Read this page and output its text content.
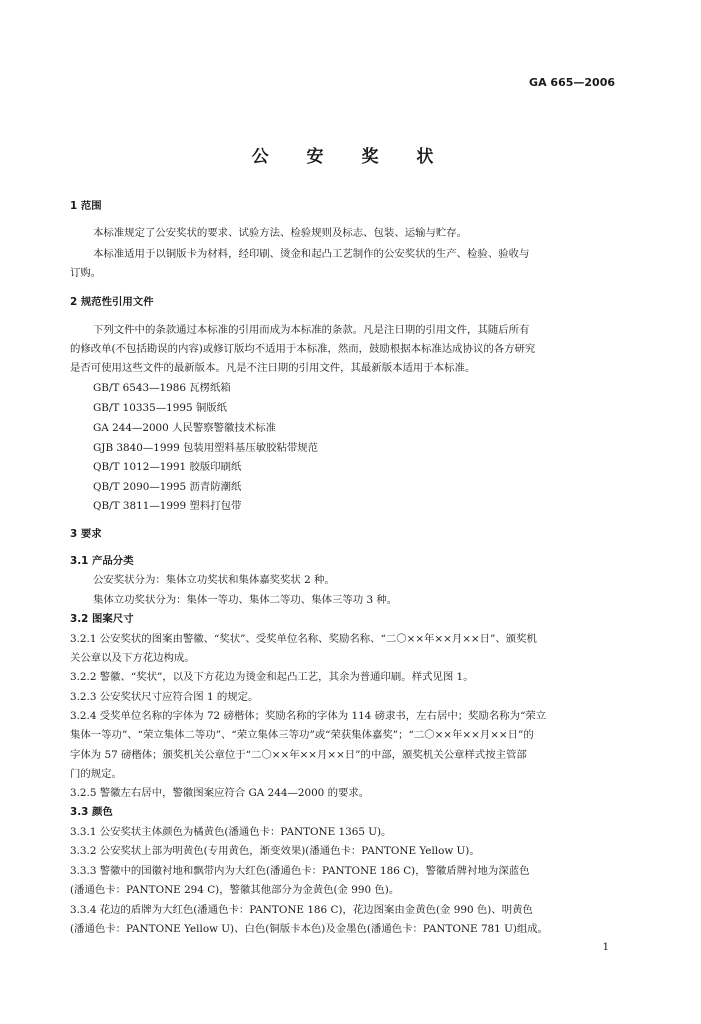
GA 665—2006
公 安 奖 状
1 范围
本标准规定了公安奖状的要求、试验方法、检验规则及标志、包装、运输与贮存。
本标准适用于以铜版卡为材料，经印刷、烫金和起凸工艺制作的公安奖状的生产、检验、验收与
订购。
2 规范性引用文件
下列文件中的条款通过本标准的引用而成为本标准的条款。凡是注日期的引用文件，其随后所有
的修改单(不包括勘误的内容)或修订版均不适用于本标准，然而，鼓励根据本标准达成协议的各方研究
是否可使用这些文件的最新版本。凡是不注日期的引用文件，其最新版本适用于本标准。
GB/T 6543—1986 瓦楞纸箱
GB/T 10335—1995 铜版纸
GA 244—2000 人民警察警徽技术标准
GJB 3840—1999 包装用塑料基压敏胶粘带规范
QB/T 1012—1991 胶版印刷纸
QB/T 2090—1995 沥青防潮纸
QB/T 3811—1999 塑料打包带
3 要求
3.1 产品分类
公安奖状分为：集体立功奖状和集体嘉奖奖状 2 种。
集体立功奖状分为：集体一等功、集体二等功、集体三等功 3 种。
3.2 图案尺寸
3.2.1 公安奖状的图案由警徽、“奖状”、受奖单位名称、奖励名称、“二〇××年××月××日”、颁奖机
关公章以及下方花边构成。
3.2.2 警徽、“奖状”，以及下方花边为烫金和起凸工艺，其余为普通印刷。样式见图 1。
3.2.3 公安奖状尺寸应符合图 1 的规定。
3.2.4 受奖单位名称的字体为 72 磅楷体；奖励名称的字体为 114 磅隶书，左右居中；奖励名称为“荣立
集体一等功”、“荣立集体二等功”、“荣立集体三等功”或“荣获集体嘉奖”；“二〇××年××月××日”的
字体为 57 磅楷体；颁奖机关公章位于“二〇××年××月××日”的中部，颁奖机关公章样式按主管部
门的规定。
3.2.5 警徽左右居中，警徽图案应符合 GA 244—2000 的要求。
3.3 颜色
3.3.1 公安奖状主体颜色为橘黄色(潘通色卡：PANTONE 1365 U)。
3.3.2 公安奖状上部为明黄色(专用黄色，渐变效果)(潘通色卡：PANTONE Yellow U)。
3.3.3 警徽中的国徽衬地和飘带内为大红色(潘通色卡：PANTONE 186 C)，警徽盾牌衬地为深蓝色
(潘通色卡：PANTONE 294 C)，警徽其他部分为金黄色(金 990 色)。
3.3.4 花边的盾牌为大红色(潘通色卡：PANTONE 186 C)，花边图案由金黄色(金 990 色)、明黄色
(潘通色卡：PANTONE Yellow U)、白色(铜版卡本色)及金墨色(潘通色卡：PANTONE 781 U)组成。
1
